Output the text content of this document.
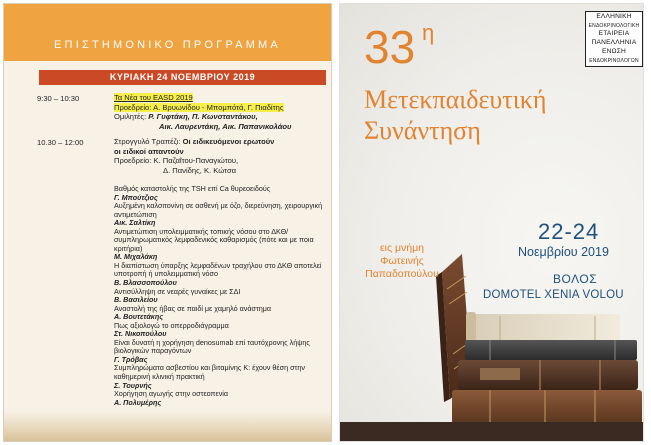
ΕΠΙΣΤΗΜΟΝΙΚΟ ΠΡΟΓΡΑΜΜΑ
ΚΥΡΙΑΚΗ 24 ΝΟΕΜΒΡΙΟΥ 2019
9:30 – 10:30	Τα Νέα του EASD 2019
Προεδρείο: Α. Βρυωνίδου - Μπομπότά, Γ. Πιαδίτης
Ομιλητές: Ρ. Γυφτάκη, Π. Κωνσταντάκου,
Αικ. Λαυρεντάκη, Αικ. Παπανικολάου
10.30 – 12:00	Στρογγυλό Τραπέζι: Οι ειδικευόμενοι ερωτούν
οι ειδικοί απαντούν
Προεδρείο: Κ. Παζαΐτου-Παναγιώτου,
Δ. Πανίδης, Κ. Κώτσα
Βαθμός καταστολής της TSH επί Ca θυρεοειδούς
Γ. Μπούτζιος
Αυξημένη καλσιτονίνη σε ασθενή με όζο, διερεύνηση, χειρουργική αντιμετώπιση
Αικ. Σαλτίκη
Αντιμετώπιση υπολειμματικής τοπικής νόσου στο ΔΚΘ/ συμπληρωματικός λεμφαδενικός καθαρισμός (πότε και με ποια κριτήρια)
Μ. Μιχαλάκη
Η διαπίστωση ύπαρξης λεμφαδένων τραχήλου στο ΔΚΘ αποτελεί υποτροπή ή υπολειμματική νόσο
Β. Βλασσοπούλου
Αντισύλληψη σε νεαρές γυναίκες με ΣΔΙ
Β. Βασιλείου
Αναστολή της ήβας σε παιδί με χαμηλό ανάστημα
Α. Βουτετάκης
Πως αξιολογώ το οπερρoδιάγραμμα
Στ. Νικοπούλου
Είναι δυνατή η χορήγηση denosumab επί ταυτόχρονης λήψης βιολογικών παραγόντων
Γ. Τρόβας
Συμπληρώματα ασβεστίου και βιταμίνης Κ: έχουν θέση στην καθημερινή κλινική πρακτική
Σ. Τουρνής
Χορήγηση αγωγής στην οστεοπενία
Α. Πολυμέρης
ΕΛΛΗΝΙΚΗ
ΕΝΔΟΚΡΙΝΟΛΟΓΙΚΗ
ΕΤΑΙΡΕΙΑ
ΠΑΝΕΛΛΗΝΙΑ
ΕΝΩΣΗ
ΕΝΔΟΚΡΙΝΟΛΟΓΩΝ
33 η
Μετεκπαιδευτική
Συνάντηση
εις μνήμη
Φωτεινής
Παπαδοπούλου
22-24
Νοεμβρίου 2019
ΒΟΛΟΣ
DOMOTEL XENIA VOLOU
